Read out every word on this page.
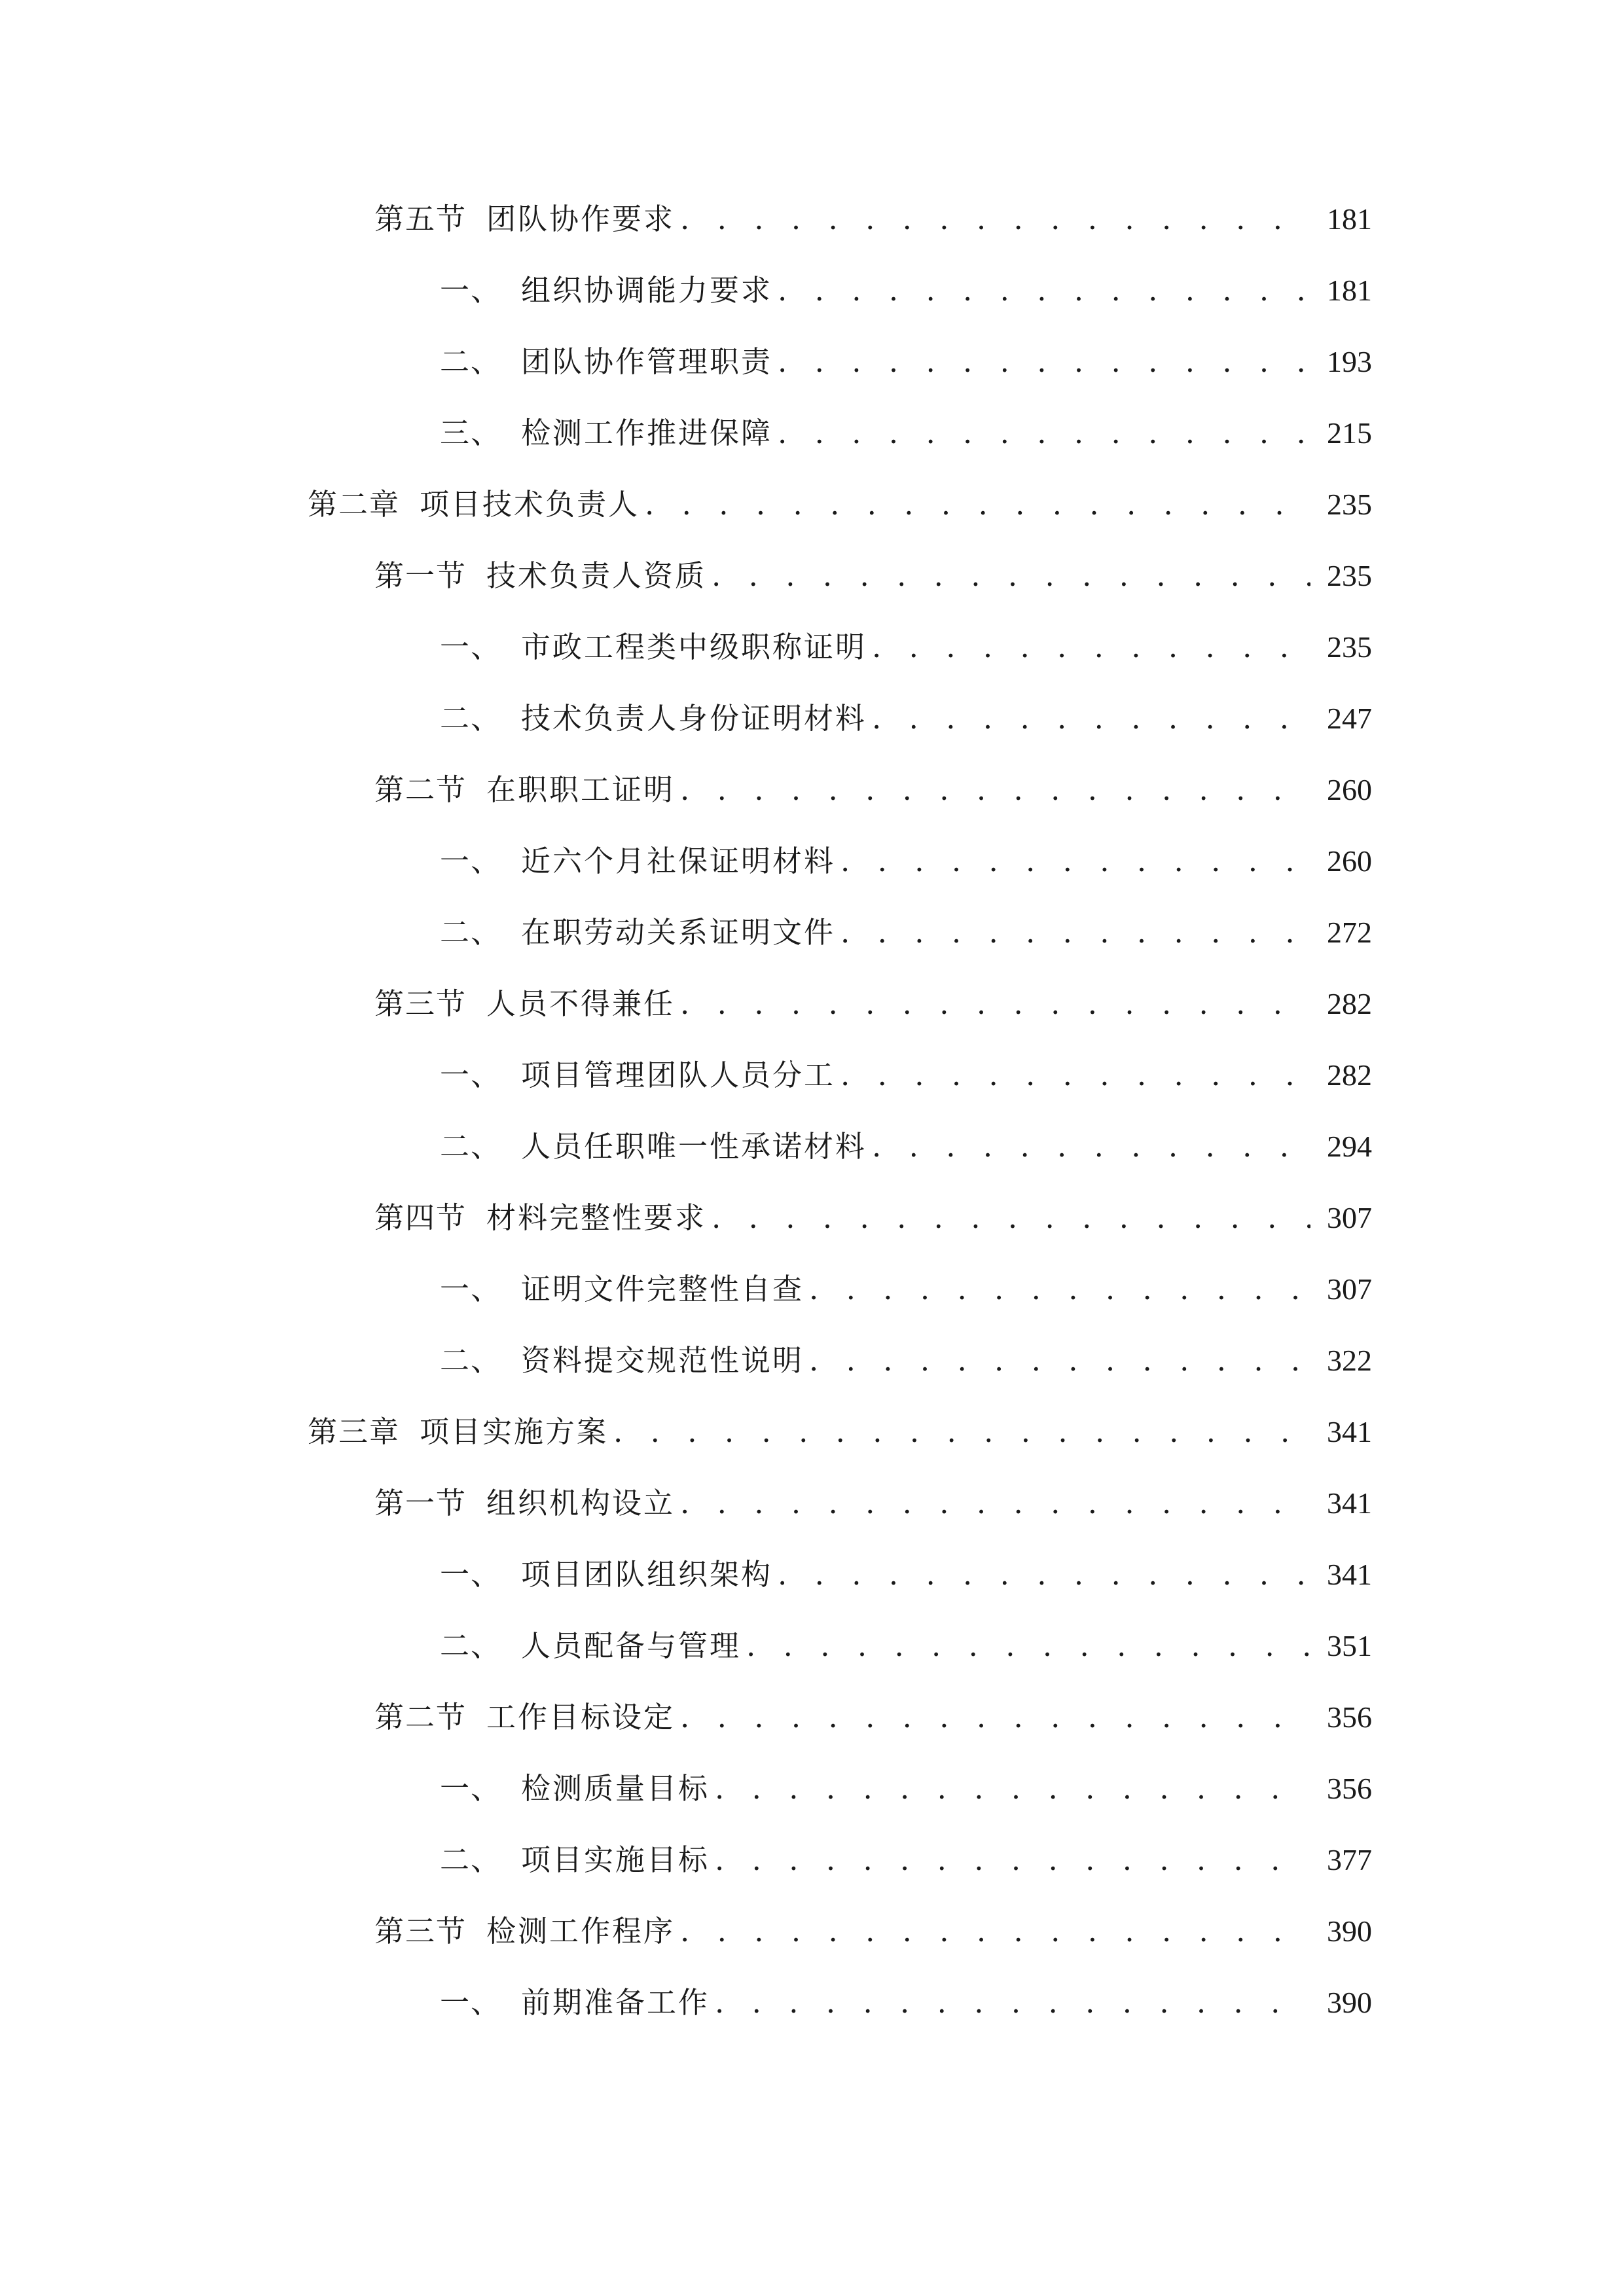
第五节 团队协作要求 . . .	181
一、 组织协调能力要求 . . .	181
二、 团队协作管理职责 . . .	193
三、 检测工作推进保障 . . .	215
第二章 项目技术负责人 . . .	235
第一节 技术负责人资质 . . .	235
一、 市政工程类中级职称证明 . . .	235
二、 技术负责人身份证明材料 . . .	247
第二节 在职职工证明 . . .	260
一、 近六个月社保证明材料 . . .	260
二、 在职劳动关系证明文件 . . .	272
第三节 人员不得兼任 . . .	282
一、 项目管理团队人员分工 . . .	282
二、 人员任职唯一性承诺材料 . . .	294
第四节 材料完整性要求 . . .	307
一、 证明文件完整性自查 . . .	307
二、 资料提交规范性说明 . . .	322
第三章 项目实施方案 . . .	341
第一节 组织机构设立 . . .	341
一、 项目团队组织架构 . . .	341
二、 人员配备与管理 . . .	351
第二节 工作目标设定 . . .	356
一、 检测质量目标 . . .	356
二、 项目实施目标 . . .	377
第三节 检测工作程序 . . .	390
一、 前期准备工作 . . .	390
